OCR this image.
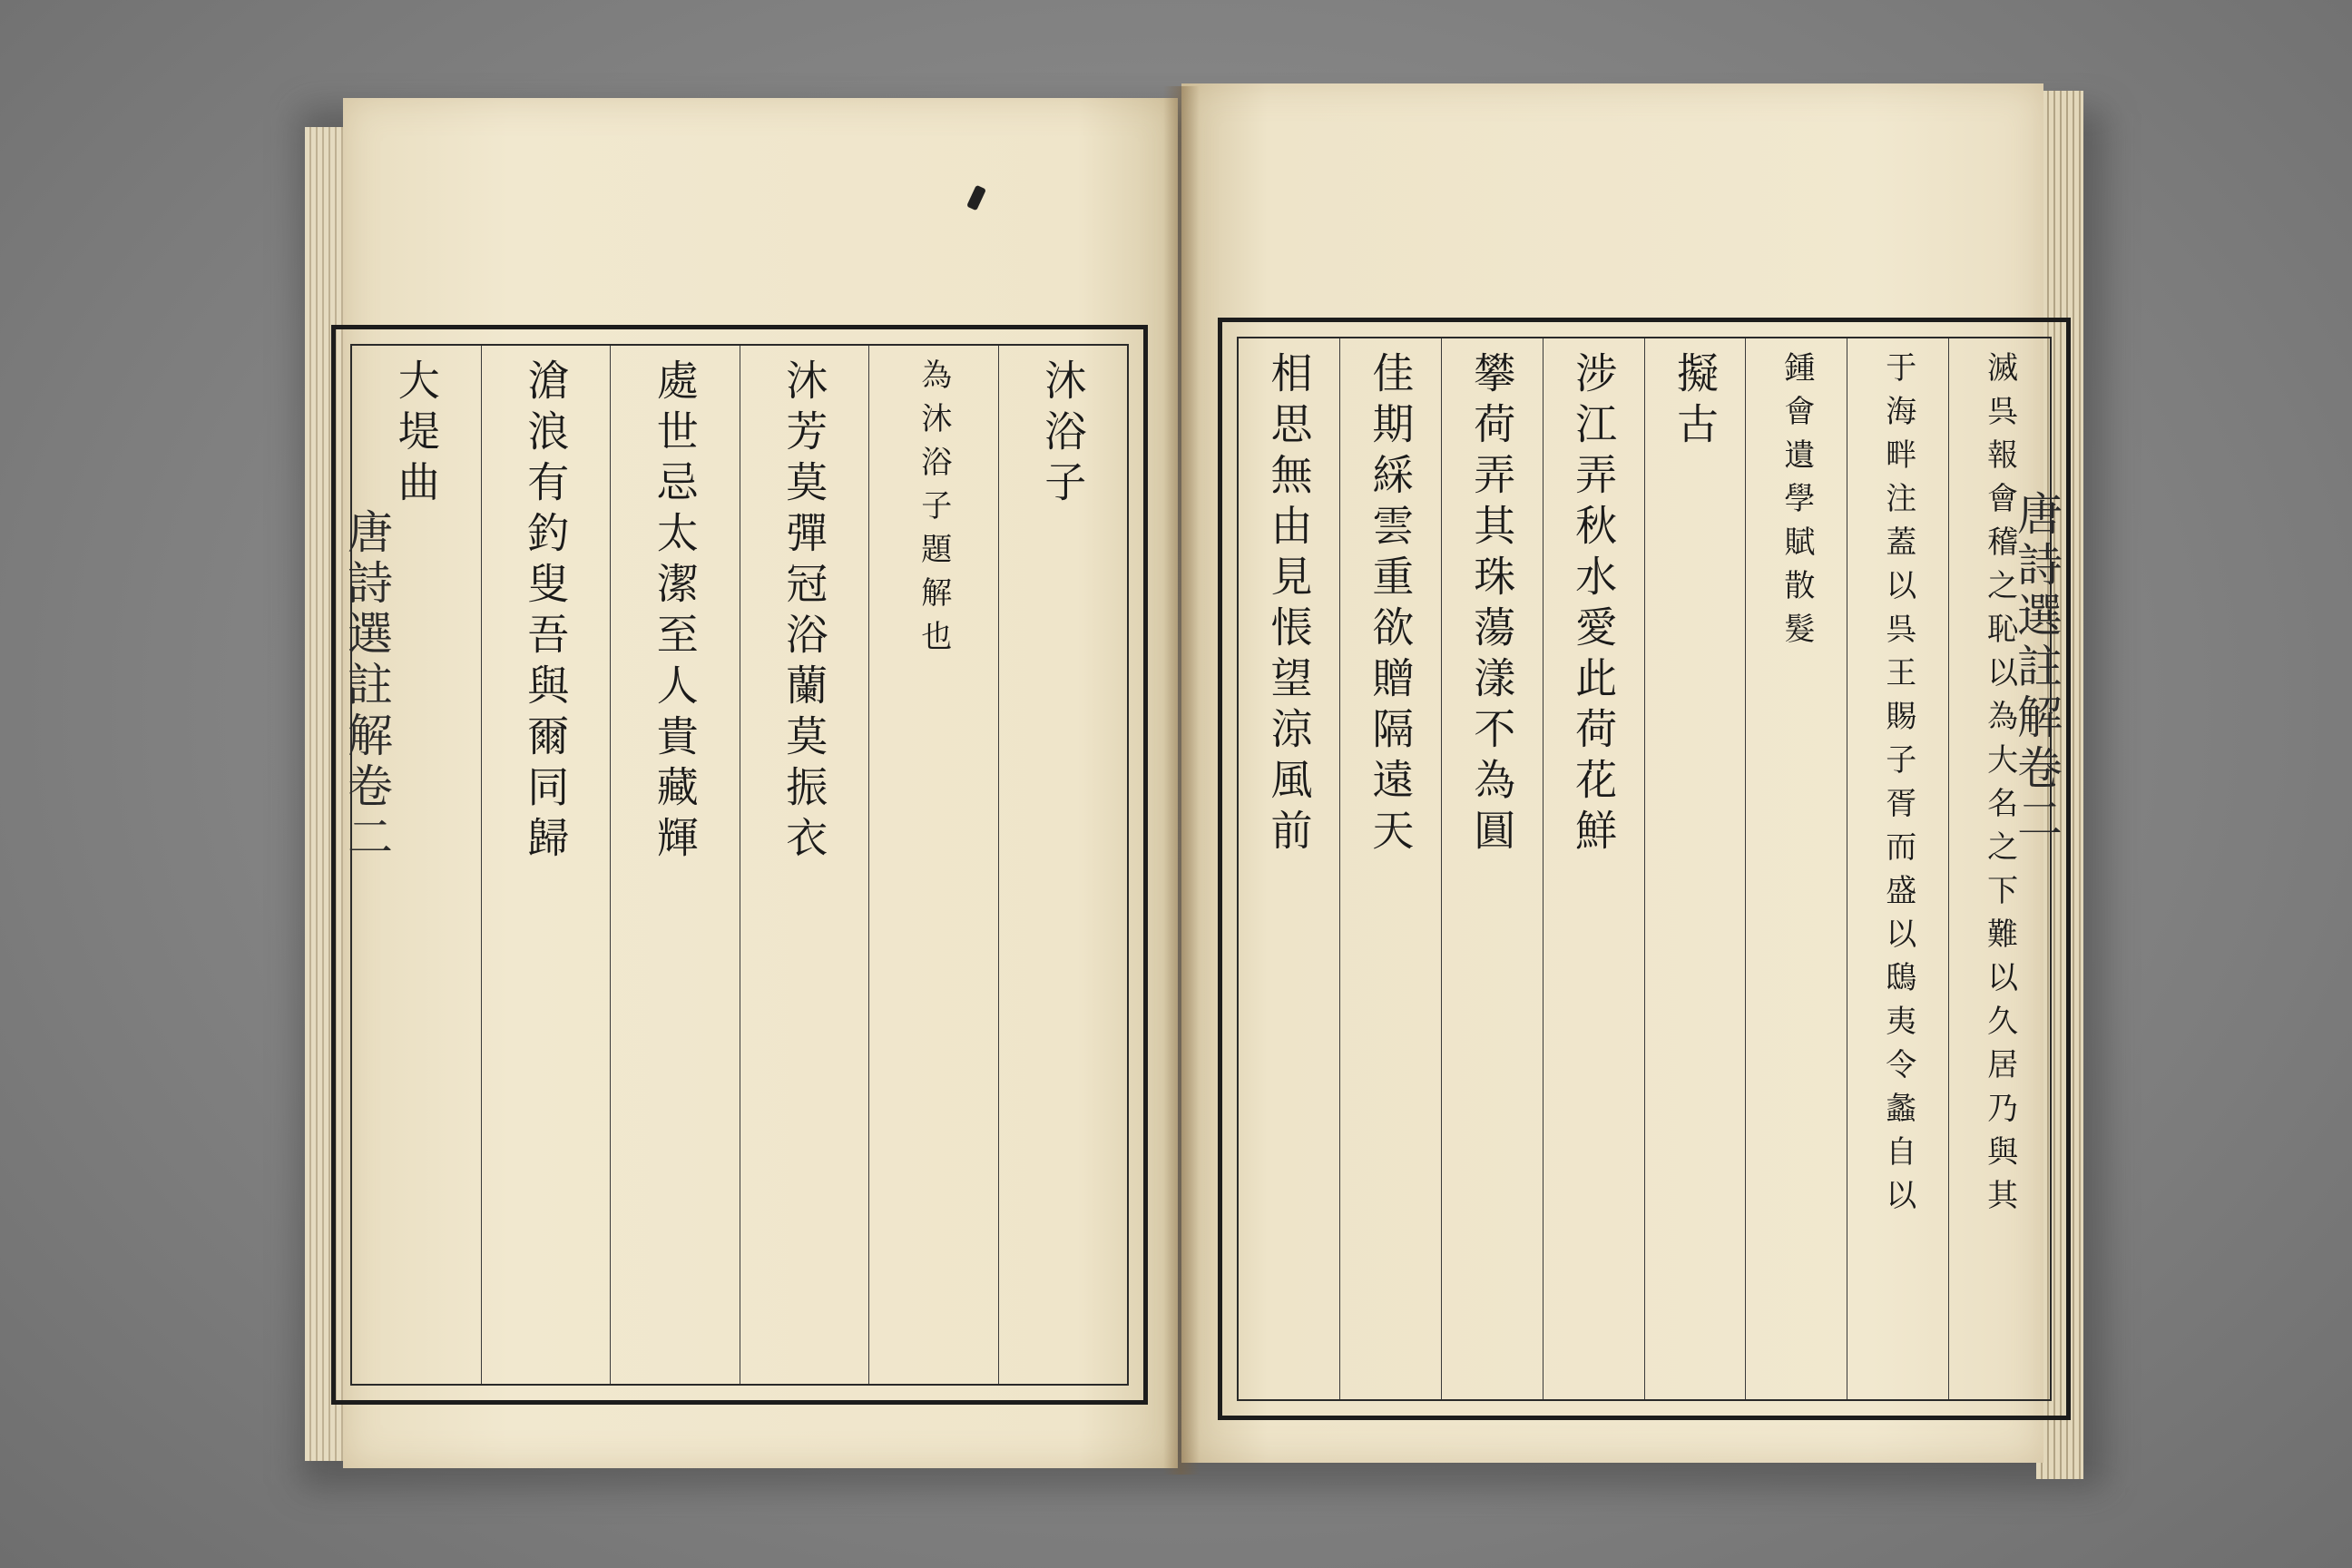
沐浴子
為沐浴子題解也
沐芳莫彈冠浴蘭莫振衣
處世忌太潔至人貴藏輝
滄浪有釣叟吾與爾同歸
大堤曲	滅呉報會稽之恥以為大名之下難以久居乃與其
于海畔注蓋以呉王賜子胥而盛以鴟夷令蠡自以
鍾會遺學賦散髮
擬古
涉江弄秋水愛此荷花鮮
攀荷弄其珠蕩漾不為圓
佳期綵雲重欲贈隔遠天
相思無由見悵望涼風前
唐詩選註解卷二	唐詩選註解卷二
